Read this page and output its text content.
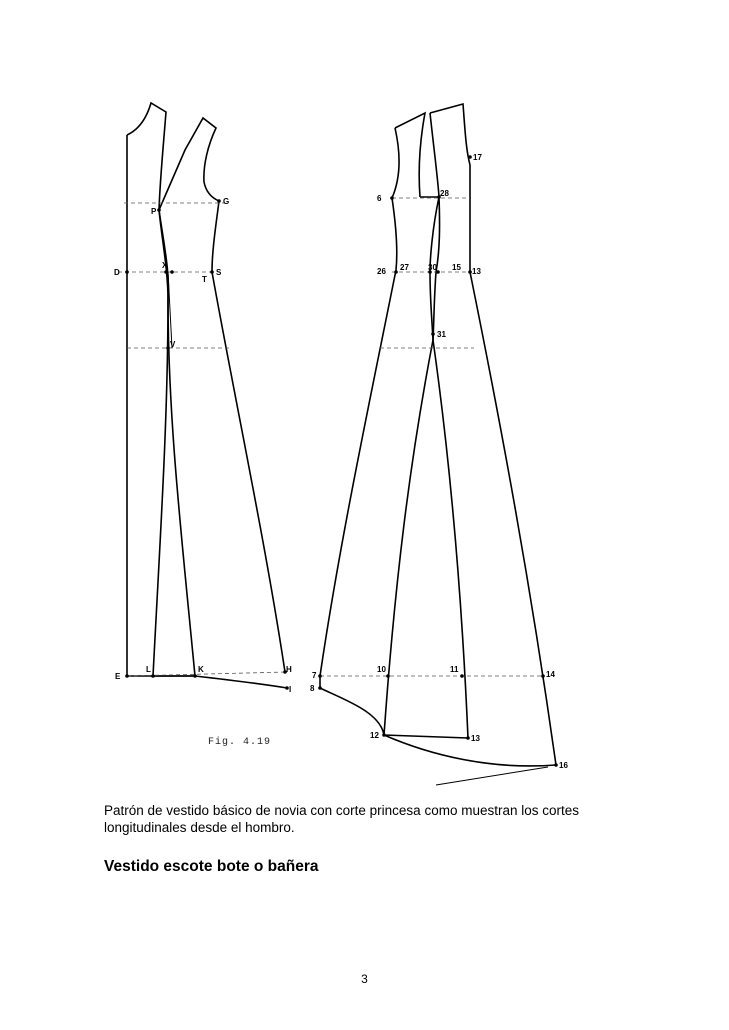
P
G
D
X
T
S
V
E
L	K	H
I
17
6
28
26 27 30 15 13
31
7
10	11
14
8
12	13
16
Fig. 4.19
Patrón de vestido básico de novia con corte princesa como muestran los cortes longitudinales desde el hombro.
Vestido escote bote o bañera
3
